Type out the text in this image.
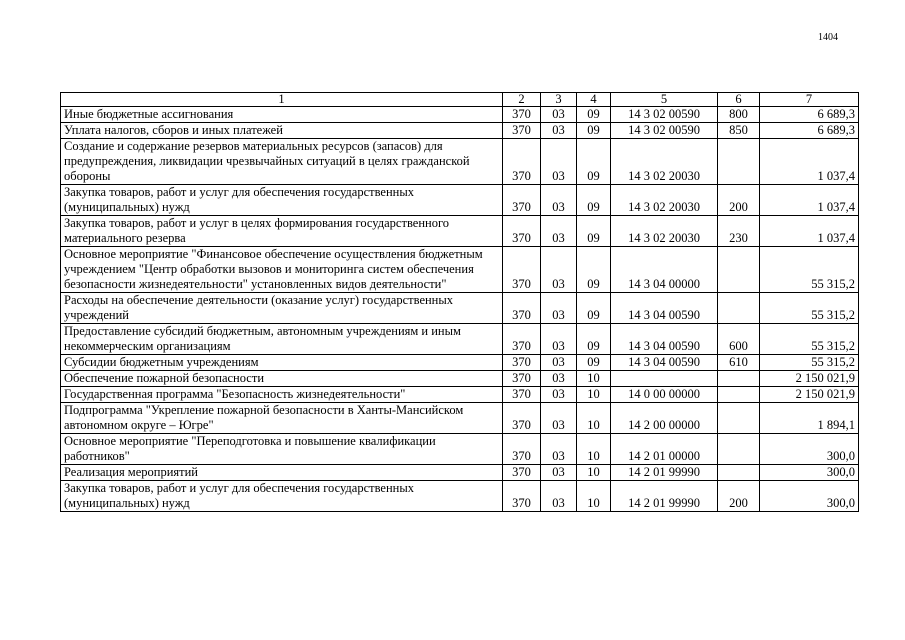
1404
1	2	3	4	5	6	7
Иные бюджетные ассигнования	370	03	09	14 3 02 00590	800	6 689,3
Уплата налогов, сборов и иных платежей	370	03	09	14 3 02 00590	850	6 689,3
Создание и содержание резервов материальных ресурсов (запасов) для предупреждения, ликвидации чрезвычайных ситуаций в целях гражданской обороны	370	03	09	14 3 02 20030		1 037,4
Закупка товаров, работ и услуг для обеспечения государственных (муниципальных) нужд	370	03	09	14 3 02 20030	200	1 037,4
Закупка товаров, работ и услуг в целях формирования государственного материального резерва	370	03	09	14 3 02 20030	230	1 037,4
Основное мероприятие "Финансовое обеспечение осуществления бюджетным учреждением "Центр обработки вызовов и мониторинга систем обеспечения безопасности жизнедеятельности" установленных видов деятельности"	370	03	09	14 3 04 00000		55 315,2
Расходы на обеспечение деятельности (оказание услуг) государственных учреждений	370	03	09	14 3 04 00590		55 315,2
Предоставление субсидий бюджетным, автономным учреждениям и иным некоммерческим организациям	370	03	09	14 3 04 00590	600	55 315,2
Субсидии бюджетным учреждениям	370	03	09	14 3 04 00590	610	55 315,2
Обеспечение пожарной безопасности	370	03	10			2 150 021,9
Государственная программа "Безопасность жизнедеятельности"	370	03	10	14 0 00 00000		2 150 021,9
Подпрограмма "Укрепление пожарной безопасности в Ханты-Мансийском автономном округе – Югре"	370	03	10	14 2 00 00000		1 894,1
Основное мероприятие "Переподготовка и повышение квалификации работников"	370	03	10	14 2 01 00000		300,0
Реализация мероприятий	370	03	10	14 2 01 99990		300,0
Закупка товаров, работ и услуг для обеспечения государственных (муниципальных) нужд	370	03	10	14 2 01 99990	200	300,0
